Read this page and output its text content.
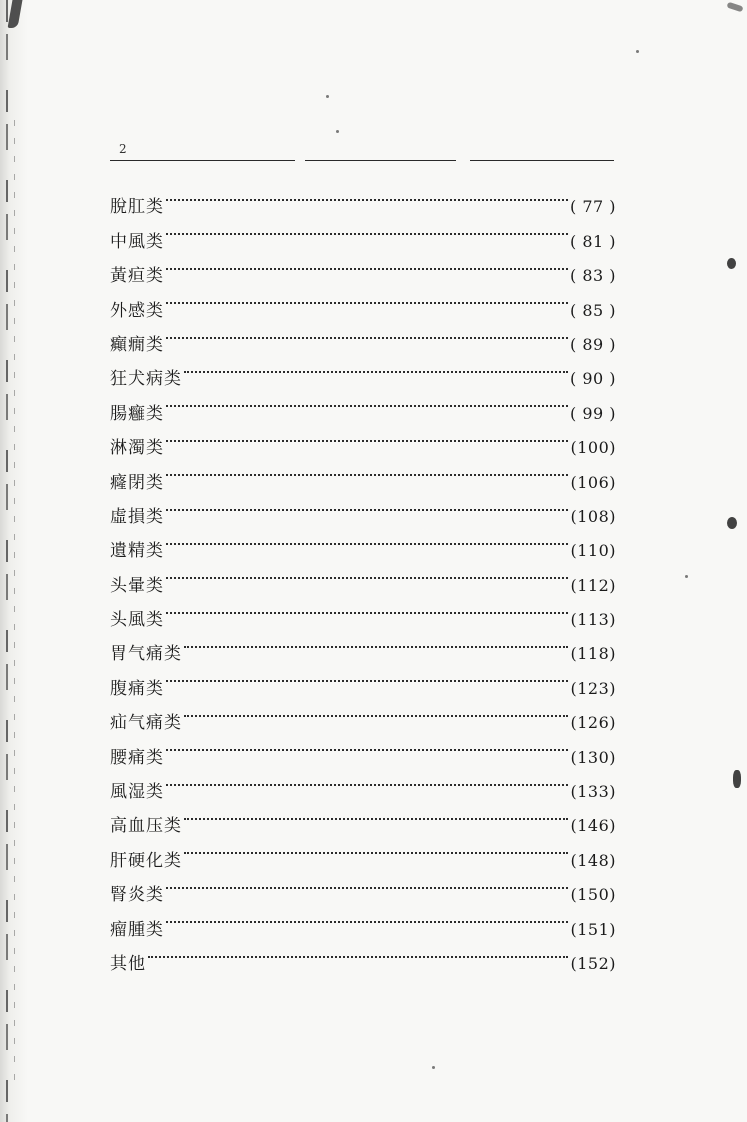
2
脫肛类	( 77 )
中風类	( 81 )
黃疸类	( 83 )
外感类	( 85 )
癲癇类	( 89 )
狂犬病类	( 90 )
腸癰类	( 99 )
淋濁类	(100)
癃閉类	(106)
虛損类	(108)
遺精类	(110)
头暈类	(112)
头風类	(113)
胃气痛类	(118)
腹痛类	(123)
疝气痛类	(126)
腰痛类	(130)
風湿类	(133)
高血压类	(146)
肝硬化类	(148)
腎炎类	(150)
瘤腫类	(151)
其他	(152)
